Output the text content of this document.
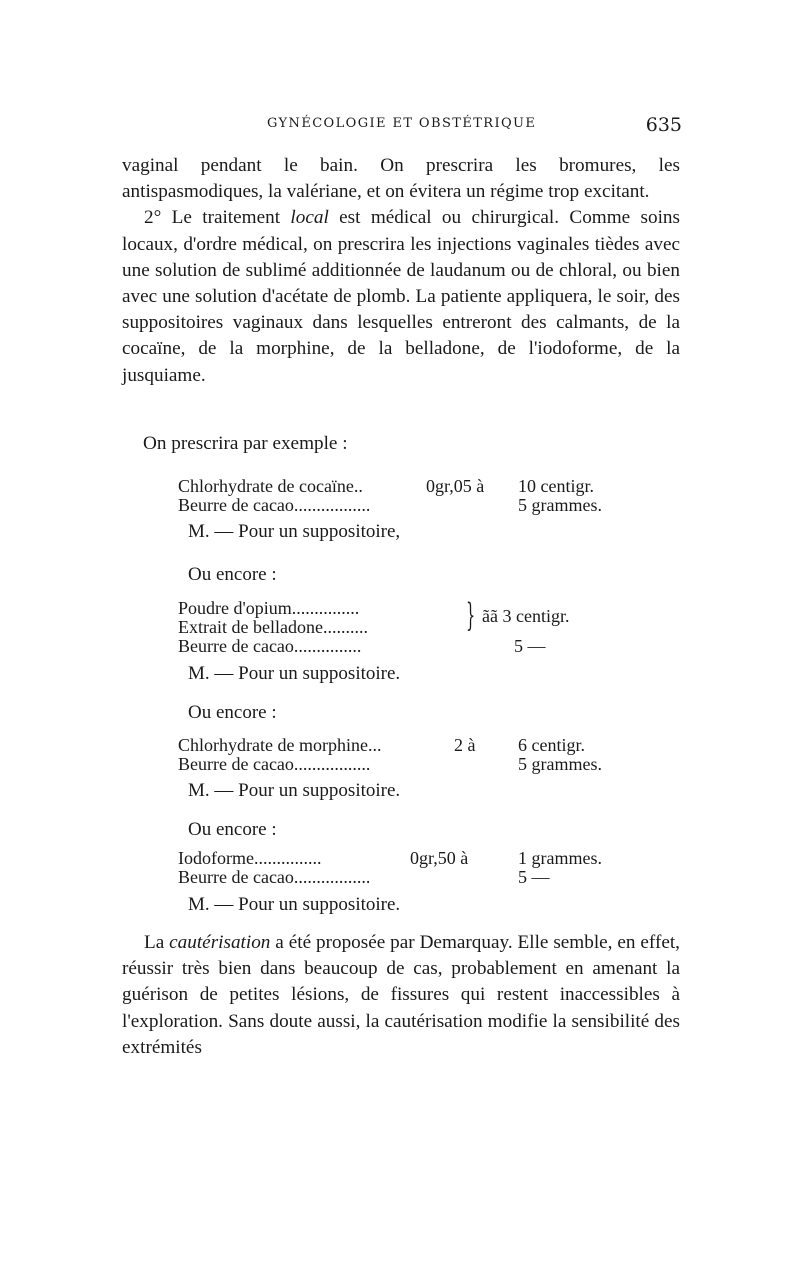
GYNÉCOLOGIE ET OBSTÉTRIQUE	635

vaginal pendant le bain. On prescrira les bromures, les antispasmodiques, la valériane, et on évitera un régime trop excitant.

2° Le traitement local est médical ou chirurgical. Comme soins locaux, d'ordre médical, on prescrira les injections vaginales tièdes avec une solution de sublimé additionnée de laudanum ou de chloral, ou bien avec une solution d'acétate de plomb. La patiente appliquera, le soir, des suppositoires vaginaux dans lesquelles entreront des calmants, de la cocaïne, de la morphine, de la belladone, de l'iodoforme, de la jusquiame.

On prescrira par exemple :
Chlorhydrate de cocaïne..	0gr,05 à 10 centigr.
Beurre de cacao.................	5 grammes.
M. — Pour un suppositoire,
Ou encore :
Poudre d'opium...............
Extrait de belladone..........
Beurre de cacao...............	5 —
} ãã 3 centigr.
M. — Pour un suppositoire.
Ou encore :
Chlorhydrate de morphine...	2 à 6 centigr.
Beurre de cacao.................	5 grammes.
M. — Pour un suppositoire.
Ou encore :
Iodoforme...............	0gr,50 à	1 grammes.
Beurre de cacao.................	5 —
M. — Pour un suppositoire.

La cautérisation a été proposée par Demarquay. Elle semble, en effet, réussir très bien dans beaucoup de cas, probablement en amenant la guérison de petites lésions, de fissures qui restent inaccessibles à l'exploration. Sans doute aussi, la cautérisation modifie la sensibilité des extrémités
